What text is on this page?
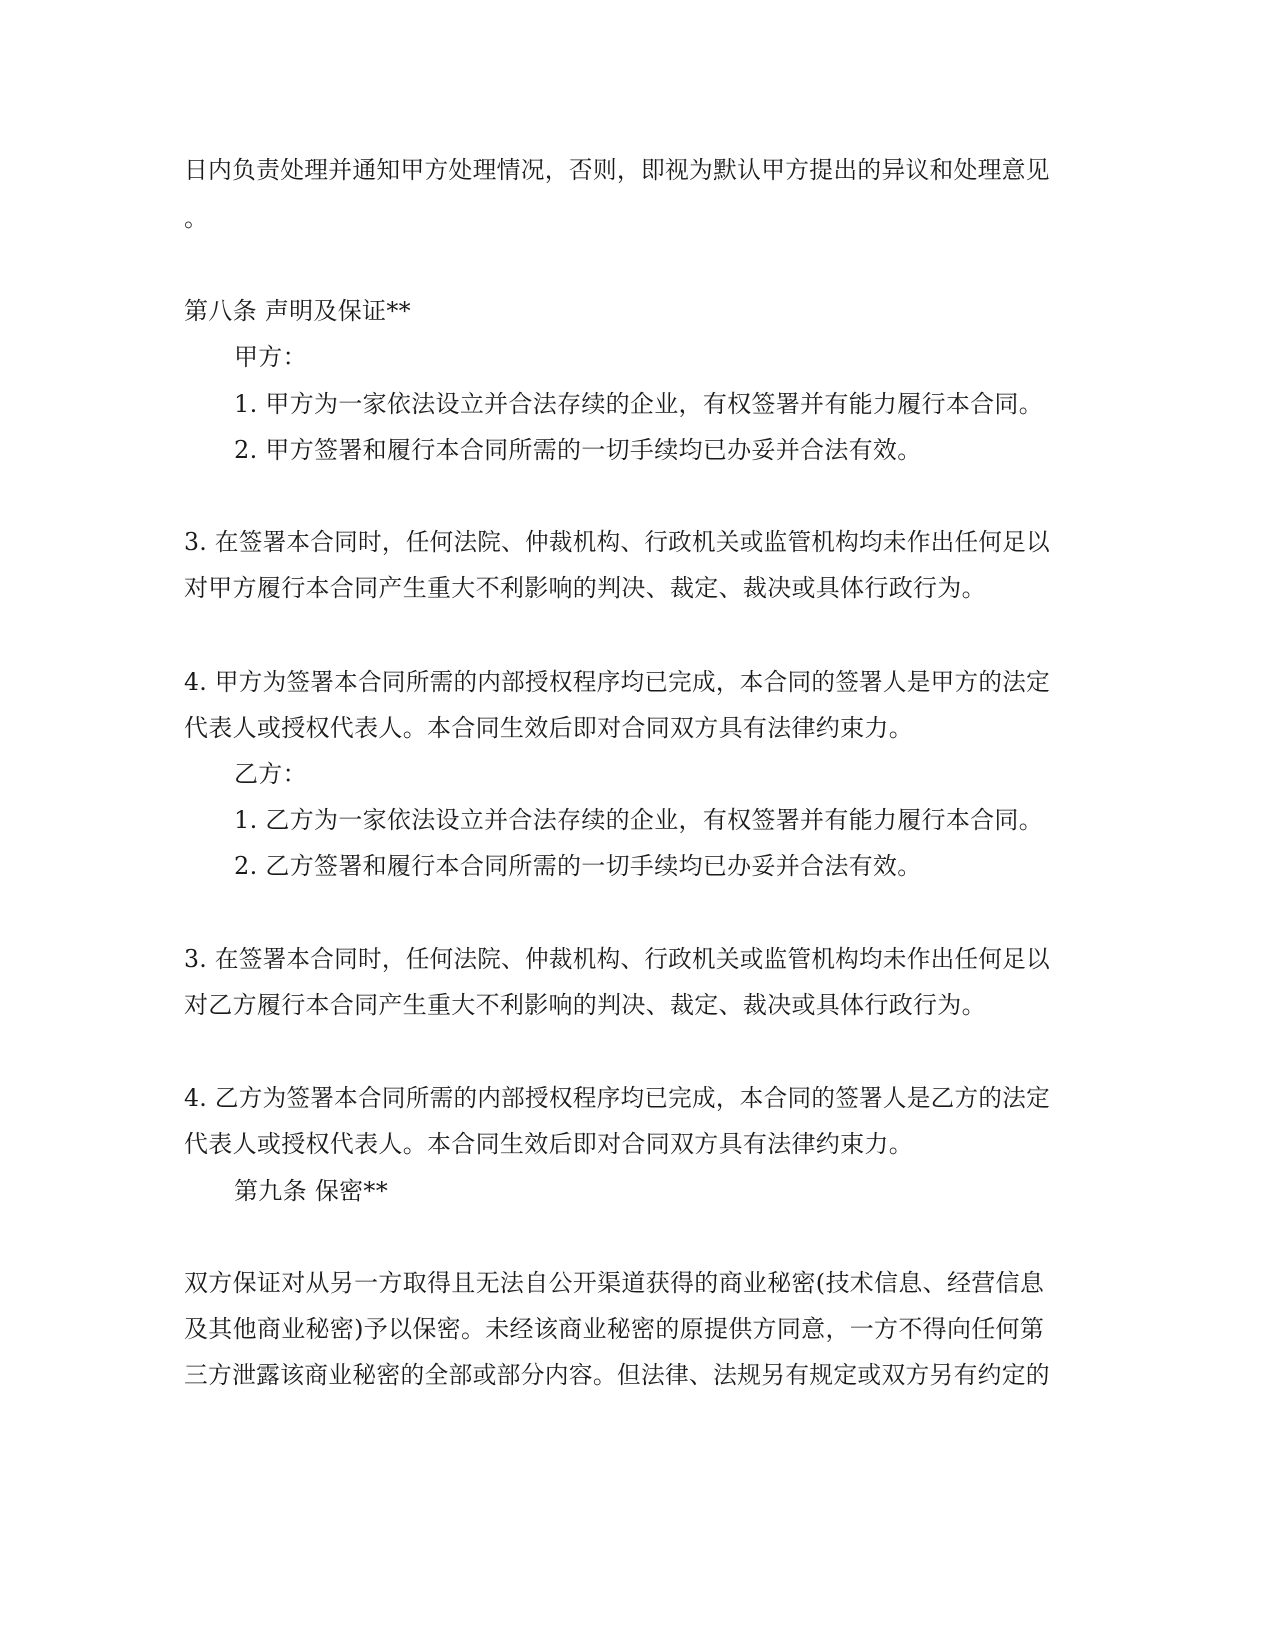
日内负责处理并通知甲方处理情况，否则，即视为默认甲方提出的异议和处理意见
。
第八条 声明及保证**
甲方：
1. 甲方为一家依法设立并合法存续的企业，有权签署并有能力履行本合同。
2. 甲方签署和履行本合同所需的一切手续均已办妥并合法有效。
3. 在签署本合同时，任何法院、仲裁机构、行政机关或监管机构均未作出任何足以
对甲方履行本合同产生重大不利影响的判决、裁定、裁决或具体行政行为。
4. 甲方为签署本合同所需的内部授权程序均已完成，本合同的签署人是甲方的法定
代表人或授权代表人。本合同生效后即对合同双方具有法律约束力。
乙方：
1. 乙方为一家依法设立并合法存续的企业，有权签署并有能力履行本合同。
2. 乙方签署和履行本合同所需的一切手续均已办妥并合法有效。
3. 在签署本合同时，任何法院、仲裁机构、行政机关或监管机构均未作出任何足以
对乙方履行本合同产生重大不利影响的判决、裁定、裁决或具体行政行为。
4. 乙方为签署本合同所需的内部授权程序均已完成，本合同的签署人是乙方的法定
代表人或授权代表人。本合同生效后即对合同双方具有法律约束力。
第九条 保密**
双方保证对从另一方取得且无法自公开渠道获得的商业秘密(技术信息、经营信息
及其他商业秘密)予以保密。未经该商业秘密的原提供方同意，一方不得向任何第
三方泄露该商业秘密的全部或部分内容。但法律、法规另有规定或双方另有约定的
